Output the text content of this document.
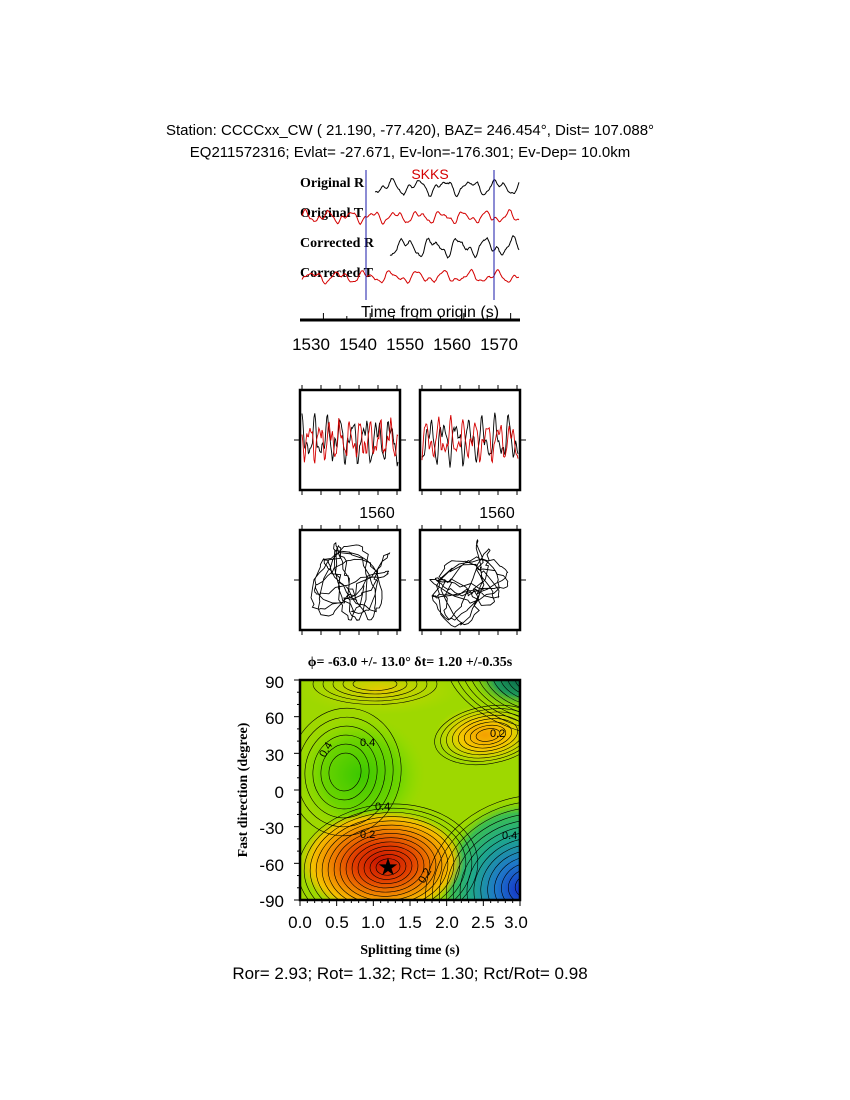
Station: CCCCxx_CW ( 21.190, -77.420), BAZ= 246.454°, Dist= 107.088°
EQ211572316; Evlat= -27.671, Ev-lon=-176.301; Ev-Dep= 10.0km
SKKS
Original R
Original T
Corrected R
Corrected T
Time from origin (s)
1530 1540 1550 1560 1570
1560	1560
ϕ= -63.0 +/- 13.0° δt= 1.20 +/-0.35s
0.4 0.4
0.2
0.4
0.4
0.2
0.2
★
90
60
30
0
-30
-60
-90
0.0 0.5 1.0 1.5 2.0 2.5 3.0
Splitting time (s)
Fast direction (degree)
Ror= 2.93; Rot= 1.32; Rct= 1.30; Rct/Rot= 0.98
